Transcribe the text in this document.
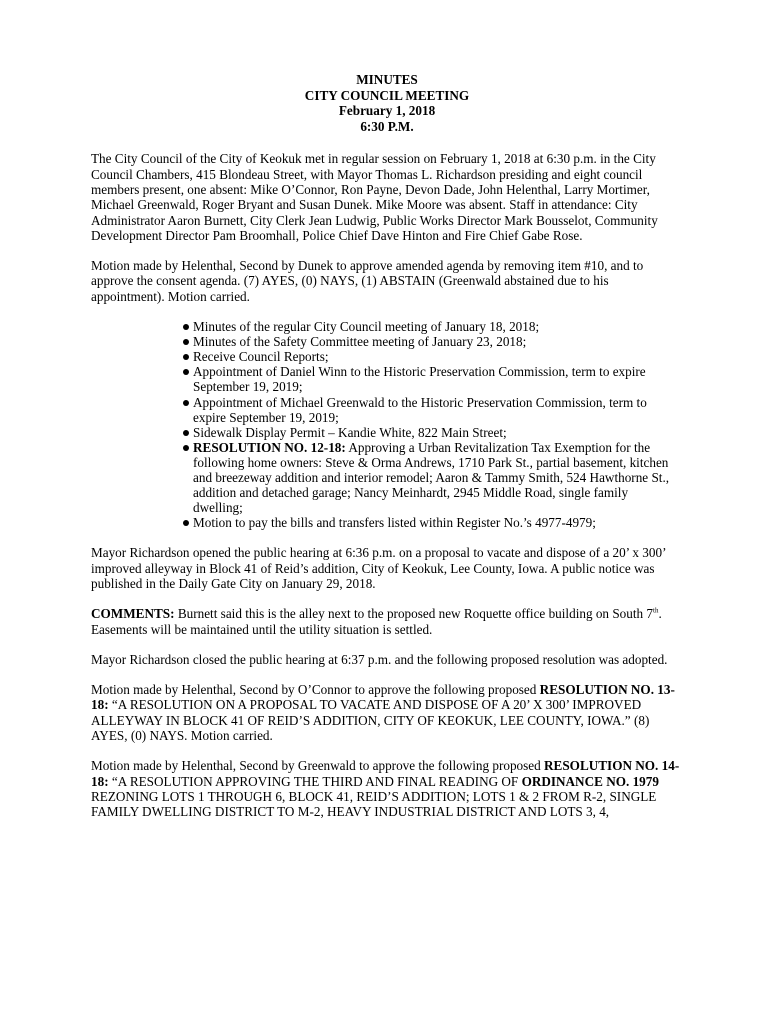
MINUTES
CITY COUNCIL MEETING
February 1, 2018
6:30 P.M.

The City Council of the City of Keokuk met in regular session on February 1, 2018 at 6:30 p.m. in the City Council Chambers, 415 Blondeau Street, with Mayor Thomas L. Richardson presiding and eight council members present, one absent: Mike O’Connor, Ron Payne, Devon Dade, John Helenthal, Larry Mortimer, Michael Greenwald, Roger Bryant and Susan Dunek. Mike Moore was absent. Staff in attendance: City Administrator Aaron Burnett, City Clerk Jean Ludwig, Public Works Director Mark Bousselot, Community Development Director Pam Broomhall, Police Chief Dave Hinton and Fire Chief Gabe Rose.

Motion made by Helenthal, Second by Dunek to approve amended agenda by removing item #10, and to approve the consent agenda. (7) AYES, (0) NAYS, (1) ABSTAIN (Greenwald abstained due to his appointment). Motion carried.

Minutes of the regular City Council meeting of January 18, 2018;
Minutes of the Safety Committee meeting of January 23, 2018;
Receive Council Reports;
Appointment of Daniel Winn to the Historic Preservation Commission, term to expire September 19, 2019;
Appointment of Michael Greenwald to the Historic Preservation Commission, term to expire September 19, 2019;
Sidewalk Display Permit – Kandie White, 822 Main Street;
RESOLUTION NO. 12-18: Approving a Urban Revitalization Tax Exemption for the following home owners: Steve & Orma Andrews, 1710 Park St., partial basement, kitchen and breezeway addition and interior remodel; Aaron & Tammy Smith, 524 Hawthorne St., addition and detached garage; Nancy Meinhardt, 2945 Middle Road, single family dwelling;
Motion to pay the bills and transfers listed within Register No.’s 4977-4979;

Mayor Richardson opened the public hearing at 6:36 p.m. on a proposal to vacate and dispose of a 20’ x 300’ improved alleyway in Block 41 of Reid’s addition, City of Keokuk, Lee County, Iowa. A public notice was published in the Daily Gate City on January 29, 2018.

COMMENTS: Burnett said this is the alley next to the proposed new Roquette office building on South 7th. Easements will be maintained until the utility situation is settled.

Mayor Richardson closed the public hearing at 6:37 p.m. and the following proposed resolution was adopted.

Motion made by Helenthal, Second by O’Connor to approve the following proposed RESOLUTION NO. 13-18: “A RESOLUTION ON A PROPOSAL TO VACATE AND DISPOSE OF A 20’ X 300’ IMPROVED ALLEYWAY IN BLOCK 41 OF REID’S ADDITION, CITY OF KEOKUK, LEE COUNTY, IOWA.” (8) AYES, (0) NAYS. Motion carried.

Motion made by Helenthal, Second by Greenwald to approve the following proposed RESOLUTION NO. 14-18: “A RESOLUTION APPROVING THE THIRD AND FINAL READING OF ORDINANCE NO. 1979 REZONING LOTS 1 THROUGH 6, BLOCK 41, REID’S ADDITION; LOTS 1 & 2 FROM R-2, SINGLE FAMILY DWELLING DISTRICT TO M-2, HEAVY INDUSTRIAL DISTRICT AND LOTS 3, 4,
